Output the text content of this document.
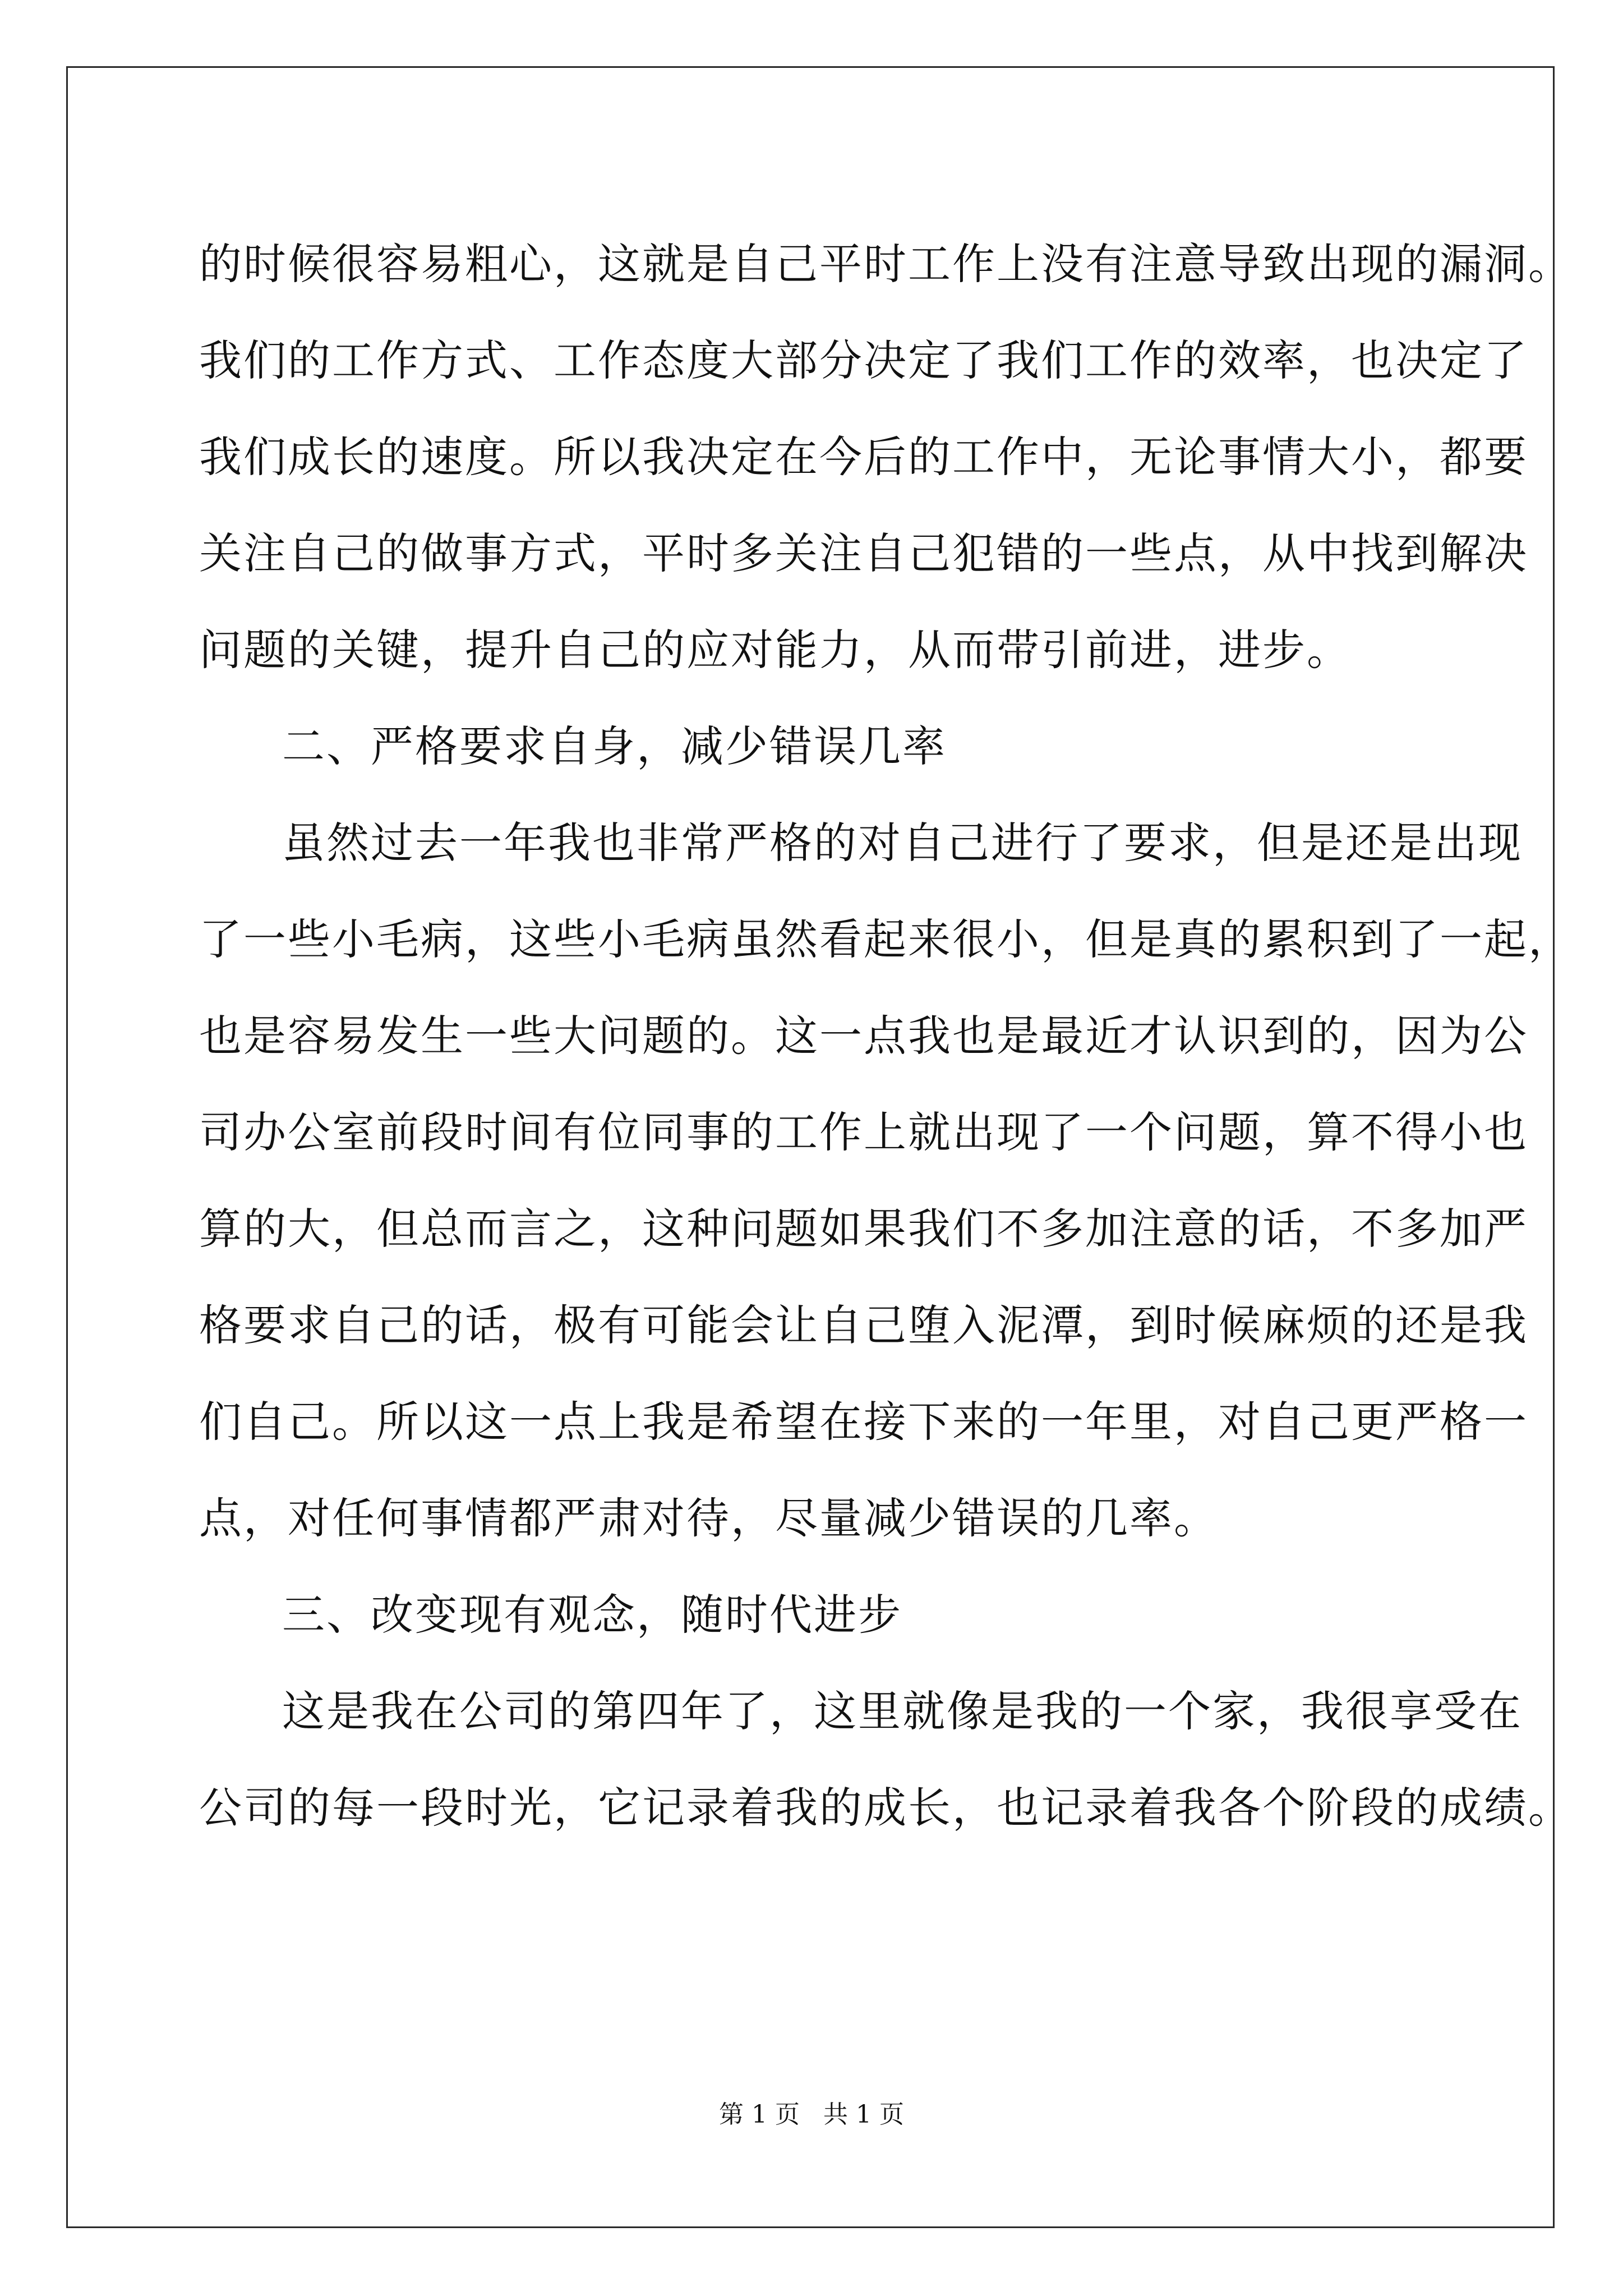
的时候很容易粗心，这就是自己平时工作上没有注意导致出现的漏洞。
我们的工作方式、工作态度大部分决定了我们工作的效率，也决定了
我们成长的速度。所以我决定在今后的工作中，无论事情大小，都要
关注自己的做事方式，平时多关注自己犯错的一些点，从中找到解决
问题的关键，提升自己的应对能力，从而带引前进，进步。
二、严格要求自身，减少错误几率
虽然过去一年我也非常严格的对自己进行了要求，但是还是出现
了一些小毛病，这些小毛病虽然看起来很小，但是真的累积到了一起，
也是容易发生一些大问题的。这一点我也是最近才认识到的，因为公
司办公室前段时间有位同事的工作上就出现了一个问题，算不得小也
算的大，但总而言之，这种问题如果我们不多加注意的话，不多加严
格要求自己的话，极有可能会让自己堕入泥潭，到时候麻烦的还是我
们自己。所以这一点上我是希望在接下来的一年里，对自己更严格一
点，对任何事情都严肃对待，尽量减少错误的几率。
三、改变现有观念，随时代进步
这是我在公司的第四年了，这里就像是我的一个家，我很享受在
公司的每一段时光，它记录着我的成长，也记录着我各个阶段的成绩。
第 1 页   共 1 页
